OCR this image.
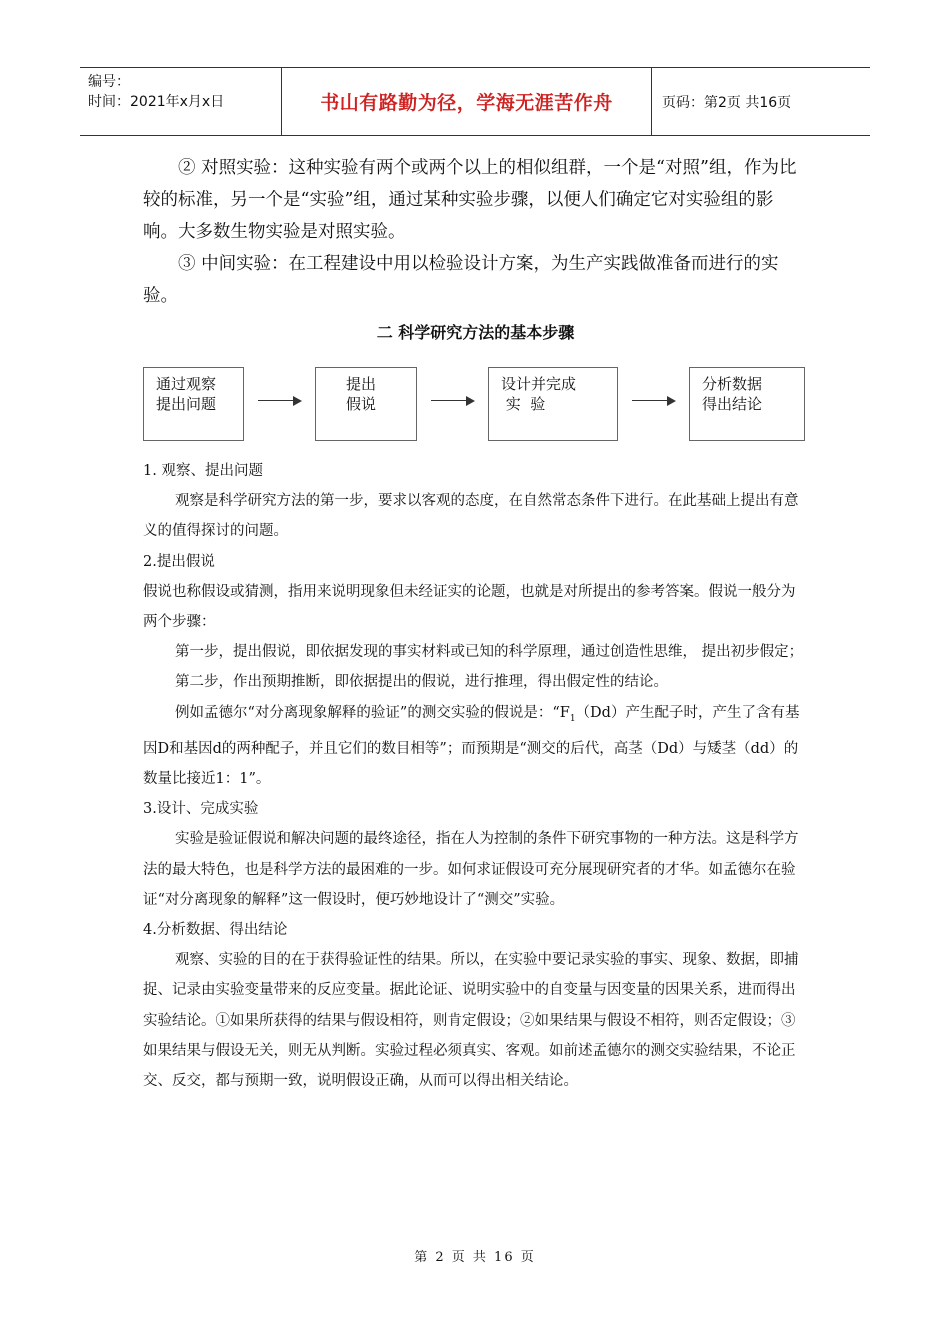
编号：
时间：2021年x月x日	书山有路勤为径，学海无涯苦作舟	页码：第2页 共16页

② 对照实验：这种实验有两个或两个以上的相似组群，一个是“对照”组，作为比较的标准，另一个是“实验”组，通过某种实验步骤，以便人们确定它对实验组的影响。大多数生物实验是对照实验。

③ 中间实验：在工程建设中用以检验设计方案，为生产实践做准备而进行的实验。

二 科学研究方法的基本步骤
通过观察
提出问题
提出
假说
设计并完成
实  验
分析数据
得出结论

1. 观察、提出问题

观察是科学研究方法的第一步，要求以客观的态度，在自然常态条件下进行。在此基础上提出有意义的值得探讨的问题。

2.提出假说

假说也称假设或猜测，指用来说明现象但未经证实的论题，也就是对所提出的参考答案。假说一般分为两个步骤：

第一步，提出假说，即依据发现的事实材料或已知的科学原理，通过创造性思维， 提出初步假定；

第二步，作出预期推断，即依据提出的假说，进行推理，得出假定性的结论。

例如孟德尔“对分离现象解释的验证”的测交实验的假说是：“$F_1(Dd)$产生配子时，产生了含有基因D和基因d的两种配子，并且它们的数目相等”；而预期是“测交的后代，高茎（Dd）与矮茎（dd）的数量比接近1：1”。

3.设计、完成实验

实验是验证假说和解决问题的最终途径，指在人为控制的条件下研究事物的一种方法。这是科学方法的最大特色，也是科学方法的最困难的一步。如何求证假设可充分展现研究者的才华。如孟德尔在验证“对分离现象的解释”这一假设时，便巧妙地设计了“测交”实验。

4.分析数据、得出结论

观察、实验的目的在于获得验证性的结果。所以，在实验中要记录实验的事实、现象、数据，即捕捉、记录由实验变量带来的反应变量。据此论证、说明实验中的自变量与因变量的因果关系，进而得出实验结论。①如果所获得的结果与假设相符，则肯定假设；②如果结果与假设不相符，则否定假设；③如果结果与假设无关，则无从判断。实验过程必须真实、客观。如前述孟德尔的测交实验结果，不论正交、反交，都与预期一致，说明假设正确，从而可以得出相关结论。

第 2 页 共 16 页
